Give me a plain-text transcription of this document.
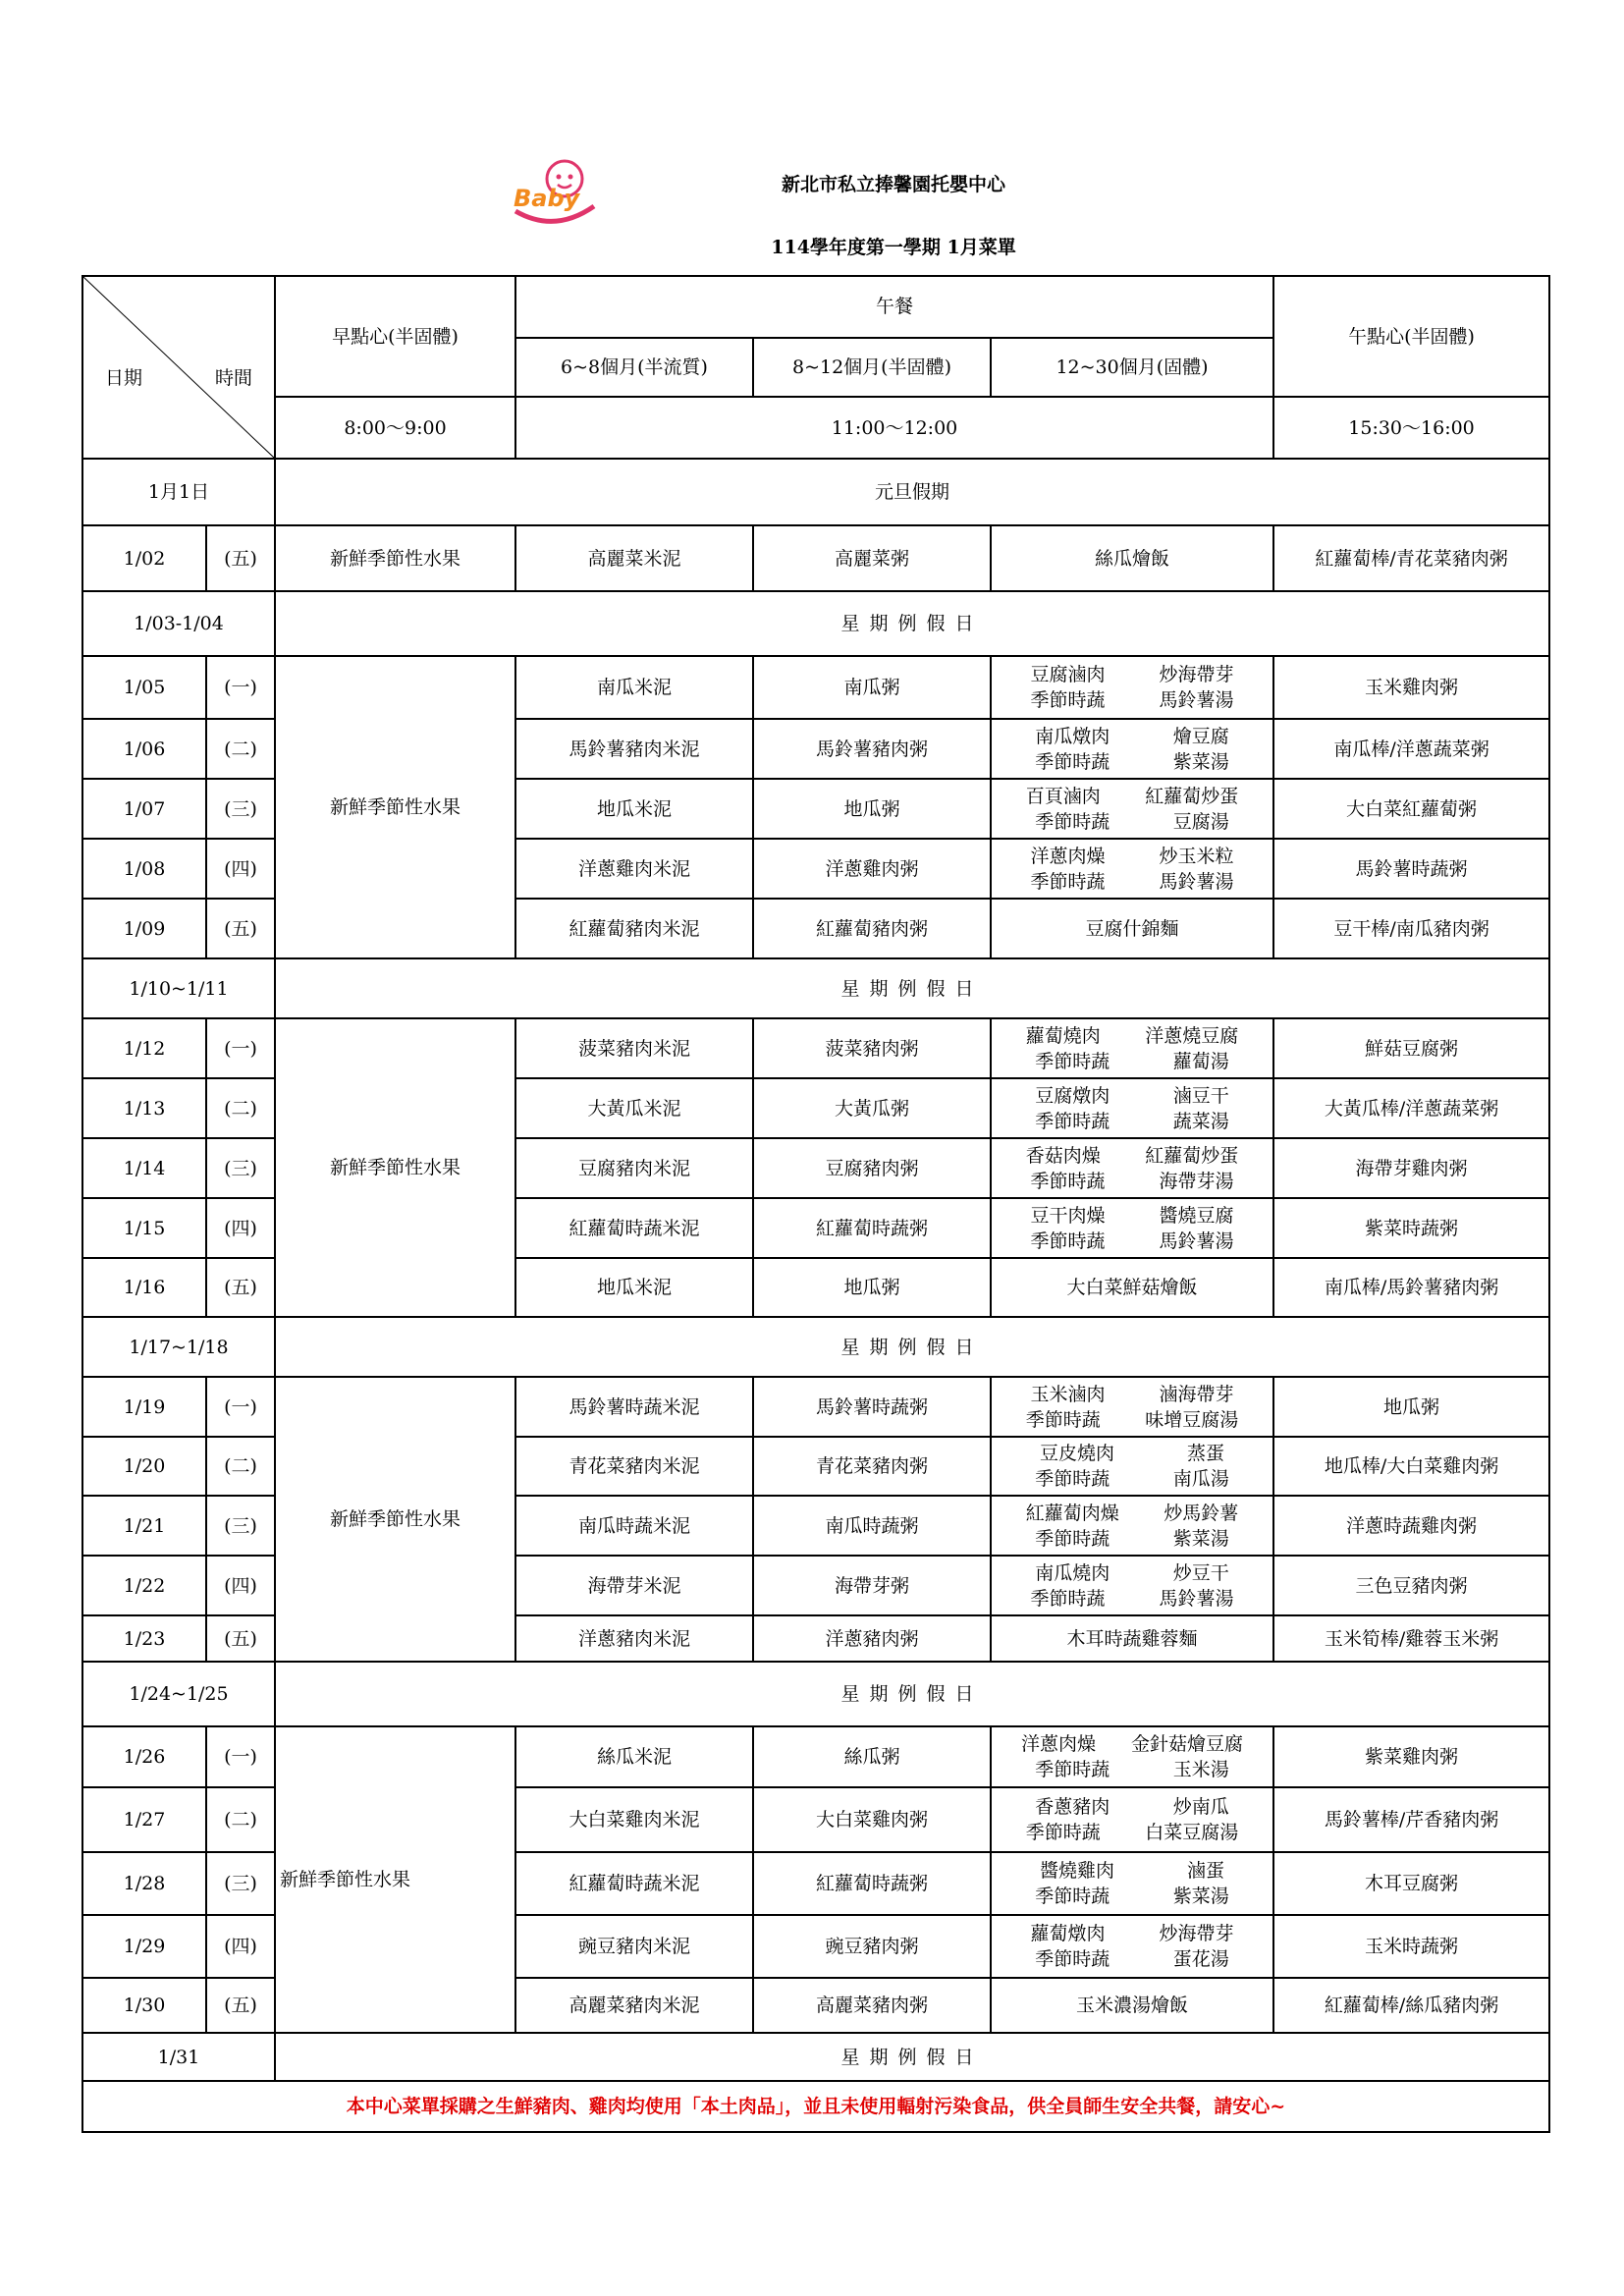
Baby	新北市私立捧馨園托嬰中心
114學年度第一學期 1月菜單
日期 時間		早點心(半固體)	午餐			午點心(半固體)
			6~8個月(半流質)	8~12個月(半固體)	12~30個月(固體)	
		8:00～9:00	11:00～12:00			15:30～16:00
1月1日		元旦假期				
1/02	(五)	新鮮季節性水果	高麗菜米泥	高麗菜粥	絲瓜燴飯	紅蘿蔔棒/青花菜豬肉粥
1/03-1/04		星期例假日				
1/05	(一)	新鮮季節性水果	南瓜米泥	南瓜粥	豆腐滷肉 炒海帶芽
季節時蔬 馬鈴薯湯	玉米雞肉粥
1/06	(二)		馬鈴薯豬肉米泥	馬鈴薯豬肉粥	南瓜燉肉 燴豆腐
季節時蔬 紫菜湯	南瓜棒/洋蔥蔬菜粥
1/07	(三)		地瓜米泥	地瓜粥	百頁滷肉 紅蘿蔔炒蛋
季節時蔬 豆腐湯	大白菜紅蘿蔔粥
1/08	(四)		洋蔥雞肉米泥	洋蔥雞肉粥	洋蔥肉燥 炒玉米粒
季節時蔬 馬鈴薯湯	馬鈴薯時蔬粥
1/09	(五)		紅蘿蔔豬肉米泥	紅蘿蔔豬肉粥	豆腐什錦麵	豆干棒/南瓜豬肉粥
1/10~1/11		星期例假日				
1/12	(一)	新鮮季節性水果	菠菜豬肉米泥	菠菜豬肉粥	蘿蔔燒肉 洋蔥燒豆腐
季節時蔬 蘿蔔湯	鮮菇豆腐粥
1/13	(二)		大黃瓜米泥	大黃瓜粥	豆腐燉肉 滷豆干
季節時蔬 蔬菜湯	大黃瓜棒/洋蔥蔬菜粥
1/14	(三)		豆腐豬肉米泥	豆腐豬肉粥	香菇肉燥 紅蘿蔔炒蛋
季節時蔬 海帶芽湯	海帶芽雞肉粥
1/15	(四)		紅蘿蔔時蔬米泥	紅蘿蔔時蔬粥	豆干肉燥 醬燒豆腐
季節時蔬 馬鈴薯湯	紫菜時蔬粥
1/16	(五)		地瓜米泥	地瓜粥	大白菜鮮菇燴飯	南瓜棒/馬鈴薯豬肉粥
1/17~1/18		星期例假日				
1/19	(一)	新鮮季節性水果	馬鈴薯時蔬米泥	馬鈴薯時蔬粥	玉米滷肉 滷海帶芽
季節時蔬 味增豆腐湯	地瓜粥
1/20	(二)		青花菜豬肉米泥	青花菜豬肉粥	豆皮燒肉 蒸蛋
季節時蔬 南瓜湯	地瓜棒/大白菜雞肉粥
1/21	(三)		南瓜時蔬米泥	南瓜時蔬粥	紅蘿蔔肉燥 炒馬鈴薯
季節時蔬 紫菜湯	洋蔥時蔬雞肉粥
1/22	(四)		海帶芽米泥	海帶芽粥	南瓜燒肉 炒豆干
季節時蔬 馬鈴薯湯	三色豆豬肉粥
1/23	(五)		洋蔥豬肉米泥	洋蔥豬肉粥	木耳時蔬雞蓉麵	玉米筍棒/雞蓉玉米粥
1/24~1/25		星期例假日				
1/26	(一)	新鮮季節性水果	絲瓜米泥	絲瓜粥	洋蔥肉燥 金針菇燴豆腐
季節時蔬 玉米湯	紫菜雞肉粥
1/27	(二)		大白菜雞肉米泥	大白菜雞肉粥	香蔥豬肉 炒南瓜
季節時蔬 白菜豆腐湯	馬鈴薯棒/芹香豬肉粥
1/28	(三)		紅蘿蔔時蔬米泥	紅蘿蔔時蔬粥	醬燒雞肉 滷蛋
季節時蔬 紫菜湯	木耳豆腐粥
1/29	(四)		豌豆豬肉米泥	豌豆豬肉粥	蘿蔔燉肉 炒海帶芽
季節時蔬 蛋花湯	玉米時蔬粥
1/30	(五)		高麗菜豬肉米泥	高麗菜豬肉粥	玉米濃湯燴飯	紅蘿蔔棒/絲瓜豬肉粥
1/31		星期例假日				
本中心菜單採購之生鮮豬肉、雞肉均使用「本土肉品」，並且未使用輻射污染食品，供全員師生安全共餐，請安心~						
